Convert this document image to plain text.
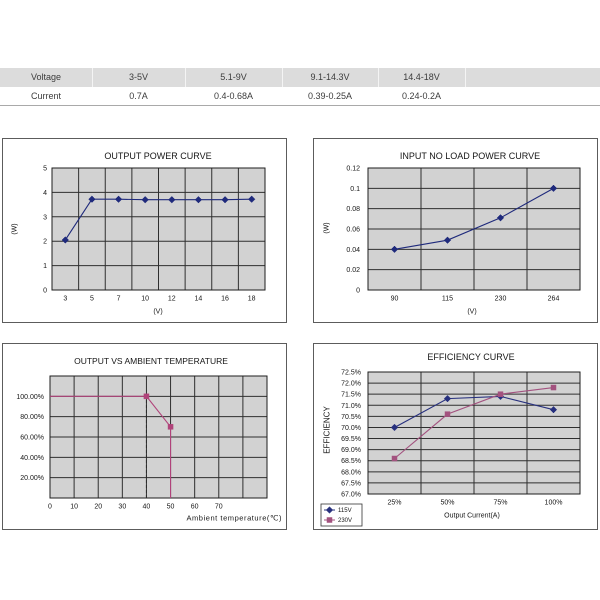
Voltage	3-5V	5.1-9V	9.1-14.3V	14.4-18V
Current	0.7A	0.4-0.68A	0.39-0.25A	0.24-0.2A
0
1
2
3
4
5
3	5	7	10	12	14	16	18
OUTPUT POWER CURVE
(W)
(V)
0
0.02
0.04
0.06
0.08
0.1
0.12
90	115	230	264
INPUT NO LOAD POWER CURVE
(W)
(V)
20.00%
40.00%
60.00%
80.00%
100.00%
0	10 20 30 40 50 60 70
OUTPUT VS AMBIENT TEMPERATURE
Ambient temperature(℃)
67.0%
67.5%
68.0%
68.5%
69.0%
69.5%
70.0%
70.5%
71.0%
71.5%
72.0%
72.5%
25%	50%	75%	100%
115V
230V
EFFICIENCY CURVE
EFFICIENCY
Output Current(A)
